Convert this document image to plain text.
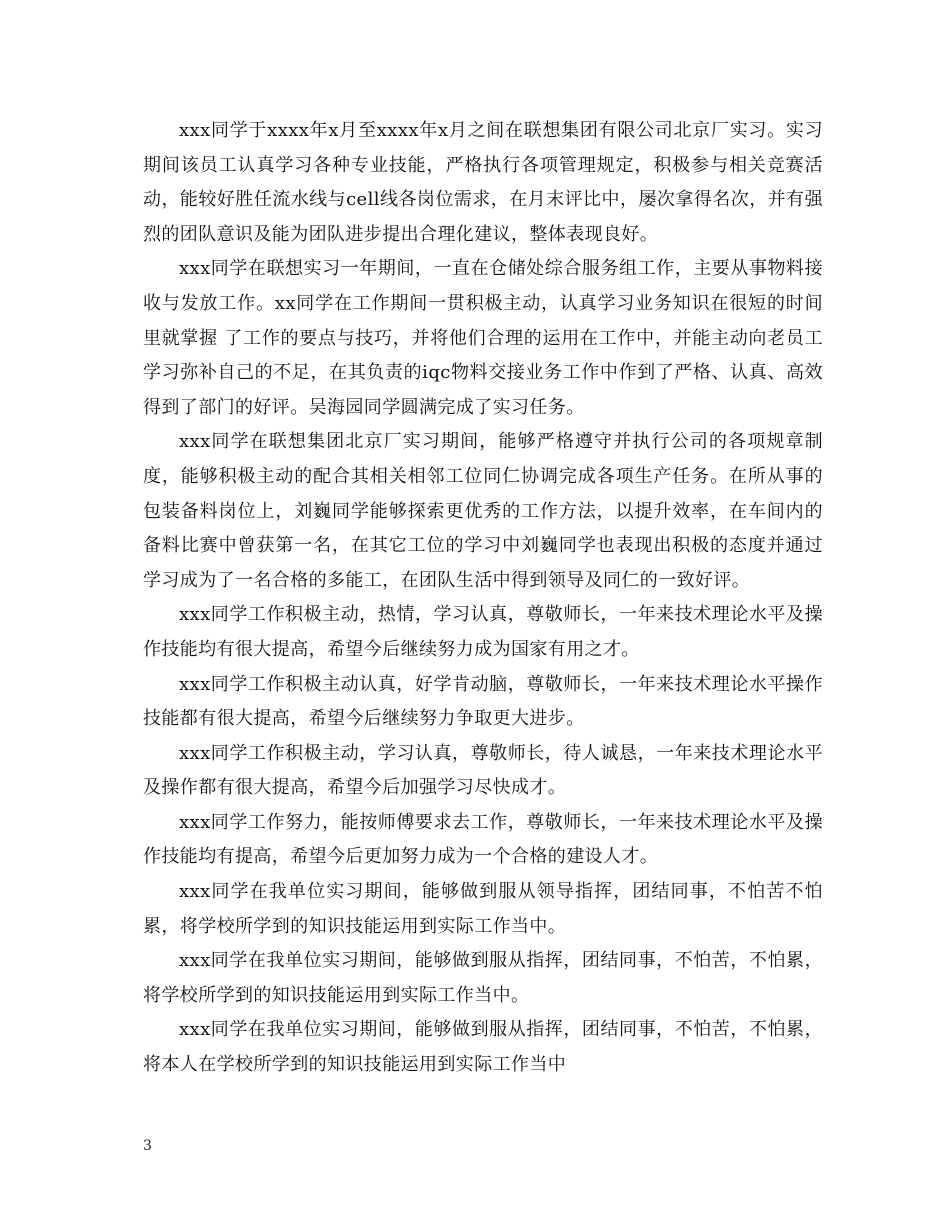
xxx同学于xxxx年x月至xxxx年x月之间在联想集团有限公司北京厂实习。实习期间该员工认真学习各种专业技能，严格执行各项管理规定，积极参与相关竞赛活动，能较好胜任流水线与cell线各岗位需求，在月末评比中，屡次拿得名次，并有强烈的团队意识及能为团队进步提出合理化建议，整体表现良好。

xxx同学在联想实习一年期间，一直在仓储处综合服务组工作，主要从事物料接收与发放工作。xx同学在工作期间一贯积极主动，认真学习业务知识在很短的时间里就掌握 了工作的要点与技巧，并将他们合理的运用在工作中，并能主动向老员工学习弥补自己的不足，在其负责的iqc物料交接业务工作中作到了严格、认真、高效得到了部门的好评。吴海园同学圆满完成了实习任务。

xxx同学在联想集团北京厂实习期间，能够严格遵守并执行公司的各项规章制度，能够积极主动的配合其相关相邻工位同仁协调完成各项生产任务。在所从事的包装备料岗位上，刘巍同学能够探索更优秀的工作方法，以提升效率，在车间内的备料比赛中曾获第一名，在其它工位的学习中刘巍同学也表现出积极的态度并通过学习成为了一名合格的多能工，在团队生活中得到领导及同仁的一致好评。

xxx同学工作积极主动，热情，学习认真，尊敬师长，一年来技术理论水平及操作技能均有很大提高，希望今后继续努力成为国家有用之才。

xxx同学工作积极主动认真，好学肯动脑，尊敬师长，一年来技术理论水平操作技能都有很大提高，希望今后继续努力争取更大进步。

xxx同学工作积极主动，学习认真，尊敬师长，待人诚恳，一年来技术理论水平及操作都有很大提高，希望今后加强学习尽快成才。

xxx同学工作努力，能按师傅要求去工作，尊敬师长，一年来技术理论水平及操作技能均有提高，希望今后更加努力成为一个合格的建设人才。

xxx同学在我单位实习期间，能够做到服从领导指挥，团结同事，不怕苦不怕累，将学校所学到的知识技能运用到实际工作当中。

xxx同学在我单位实习期间，能够做到服从指挥，团结同事，不怕苦，不怕累，将学校所学到的知识技能运用到实际工作当中。

xxx同学在我单位实习期间，能够做到服从指挥，团结同事，不怕苦，不怕累，将本人在学校所学到的知识技能运用到实际工作当中

3
